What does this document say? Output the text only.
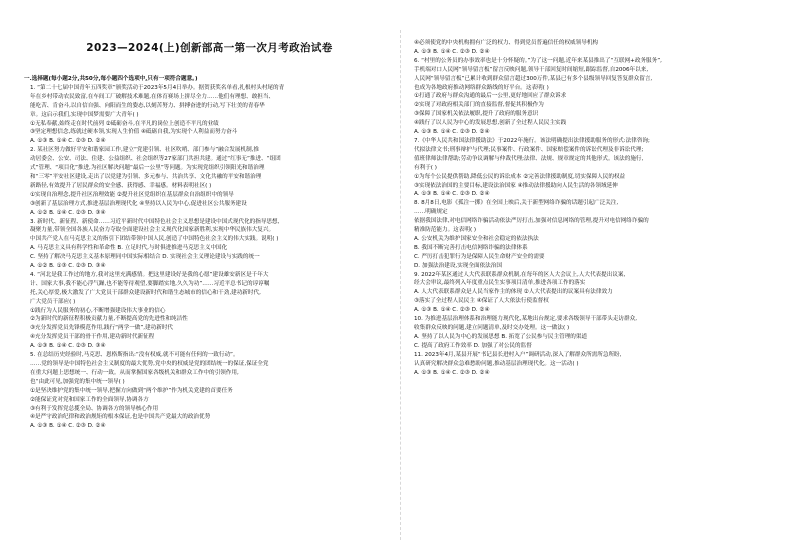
2023—2024(上)创新部高一第一次月考政治试卷
一.选择题(每小题2分,共50分,每小题四个选项中,只有一项符合题意。)
1. “第二十七届中国青年五四奖章”颁奖活动于2023年5月4日举办。据贺获奖名单看,扎根村头村尾的青
年在乡村带动农民致富,在车间工厂破解技术难题,在体育赛场上拼尽全力……他们有理想、敢担当、
能吃苦、肯奋斗,以自信自强、向阳而生的姿态,以刻苦努力、拼搏奋进的行动,写下壮美的青春华
章。这启示我们,实现中国梦需要广大青年( )
①无私奉献,始终走在时代前列 ②砥砺奋斗,在平凡的岗位上创造不平凡的业绩
③坚定理想信念,练就过硬本领,实现人生价值 ④砥砺自我,为实现个人利益而努力奋斗
A. ①③ B. ①④ C. ②③ D. ②④
2. 某社区努力做好平安和谐家园工作,建立“党建引领、社区吹哨、部门参与”融合发展机制,推
动居委会、公安、司法、住建、公益组织、社会组织等27家部门共担共建。通过“红事无”推进、“组团
式”管理、“项目化”推进,为社区解决问题“最后一公里”等问题。为实现党组织引领阳光和谐治理
和“三零”平安社区建设,走出了以党建为引领、多元参与、共治共享、文化共融的平安和谐治理
新路径,有效提升了居民群众的安全感、获得感、幸福感。材料表明社区( )
①实现自治理念,提升社区治理效能 ②提升社区党组织在基层群众自治组织中的领导
③创新了基层治理方式,推进基层治理现代化 ④坚持以人民为中心,促进社区公共服务建设
A. ①② B. ①④ C. ②③ D. ③④
3. 新时代、新征程、新使命……习近平新时代中国特色社会主义思想是建设中国式现代化的指导思想,
凝聚力量,带领全国各族人民奋力夺取全面建设社会主义现代化国家新胜利,实现中华民族伟大复兴。
中国共产党人在马克思主义的指引下团结带领中国人民,创造了中国特色社会主义的伟大实践。说明( )
A. 马克思主义具有科学性和革命性 B. 立足时代,与时俱进推进马克思主义中国化
C. 坚持了解决马克思主义基本原理同中国实际相结合 D. 实现社会主义理论建设与实践的统一
A. ①② B. ①③ C. ②③ D. ③④
4. “河北是我工作过的地方,我对这里充满感情。把这里建设好是我的心愿”建设雄安新区是千年大
计、国家大事,我不能心浮气躁,也不能等待观望,要脚踏实地,久久为功”……习近平总书记的谆谆嘱
托,关心厚爱,极大激发了广大党员干部群众建设新时代和谐生态城市的信心和干劲,建功新时代,
广大党员干部应( )
①践行为人民服务的初心,不断增强建设伟大事业的信心
②为新时代的新征程积极贡献力量,不断提高党的先进性和纯洁性
③充分发挥党员先锋模范作用,践行“两学一做”,建功新时代
④充分发挥党员干部的骨干作用,建功新时代新征程
A. ①③ B. ①④ C. ②③ D. ③④
5. 在总结历史经验时,马克思、恩格斯指出:“没有权威,就不可能有任何的一致行动”。
……党的领导是中国特色社会主义制度的最大优势,党中央的权威是党的团结统一的保证,保证全党
在重大问题上思想统一、行动一致。从而掌握国家各级机关和群众工作中的引领作用,
也“由此可见,加强党的集中统一领导( )
①是坚决维护党的集中统一领导,把握方向做到“两个维护”作为机关党建的首要任务
②能保证党对党和国家工作的全面领导,协调各方
③有利于发挥党总揽全局、协调各方的领导核心作用
④是严守政治纪律和政治规矩的根本保证,也是中国共产党最大的政治优势
A. ①③ B. ①④ C. ②③ D. ②④
④必须使党的中央机构拥有广泛的权力、得到党员普遍信任的权威领导机构
A. ①③ B. ①④ C. ②③ D. ②④
6. “村里的公务员的办事效率也是十分怀疑的。”为了这一问题,近年来某县推出了“互联网+政务服务”,
手机端对口人民网“领导留言板”留言反映问题,领导干部回复时间缩短,跟踪监督,自2006年以来,
人民网“领导留言板”已累计收到群众留言超过300万件,某县已有多个县级领导回复答复群众留言,
也成为各地政府推动网络群众路线的好平台。这表明( )
①打通了政府与群众沟通的最后一公里,更好地回应了群众诉求
②实现了对政府相关部门的直接监督,督促其积极作为
③保障了国家机关依法履职,提升了政府的服务意识
④践行了以人民为中心的发展思想,创新了全过程人民民主实践
A. ①③ B. ①④ C. ②③ D. ②④
7.《中华人民共和国法律援助法》于2022年施行。该法明确提出法律援助服务的形式:法律咨询;
代拟法律文书;刑事辩护与代理;民事案件、行政案件、国家赔偿案件的诉讼代理及非诉讼代理;
值班律师法律帮助;劳动争议调解与仲裁代理;法律、法规、规章规定的其他形式。该法的施行,
有利于( )
①为每个公民提供帮助,降低公民的诉讼成本 ②完善法律援助制度,切实保障人民的权益
③实现依法治国的主要目标,建设法治国家 ④推动法律援助向人民生活的各领域延伸
A. ①③ B. ①④ C. ②③ D. ②④
8. 8月8日,电影《孤注一掷》在全国上映后,关于新型网络诈骗的话题引起广泛关注,
……明确规定
依据我国法律,对电信网络诈骗活动依法严厉打击,加强对信息网络的管理,提升对电信网络诈骗的
精准防范能力。这表明( )
A. 公安机关为维护国家安全和社会稳定的依法执法
B. 我国不断完善打击电信网络诈骗的法律体系
C. 严厉打击犯罪行为是保障人民生命财产安全的需要
D. 加强法治建设,实现全面依法治国
9. 2022年某区通过人大代表联系群众机制,在每年的区人大会议上,人大代表提出议案,
经大会审议,最终列入年度重点民生实事项目清单,推进各项工作的落实
A. 人大代表联系群众是人民当家作主的体现 ②人大代表提出的议案具有法律效力
③落实了全过程人民民主 ④保证了人大依法行使监督权
A. ①③ B. ①④ C. ②③ D. ②④
10. 为推进基层治理体系和治理能力现代化,某地出台规定,要求各级领导干部带头走访群众,
收集群众反映的问题,建立问题清单,及时交办处理。这一做法( )
A. 坚持了以人民为中心的发展思想 B. 拓宽了公民参与民主管理的渠道
C. 提高了政府工作效率 D. 加强了对公民的监督
11. 2023年4月,某县开展“书记县长进村入户”调研活动,深入了解群众所需所急所盼,
认真研究解决群众急难愁盼问题,推动基层治理现代化。这一活动( )
A. ①③ B. ①④ C. ②③ D. ②④
